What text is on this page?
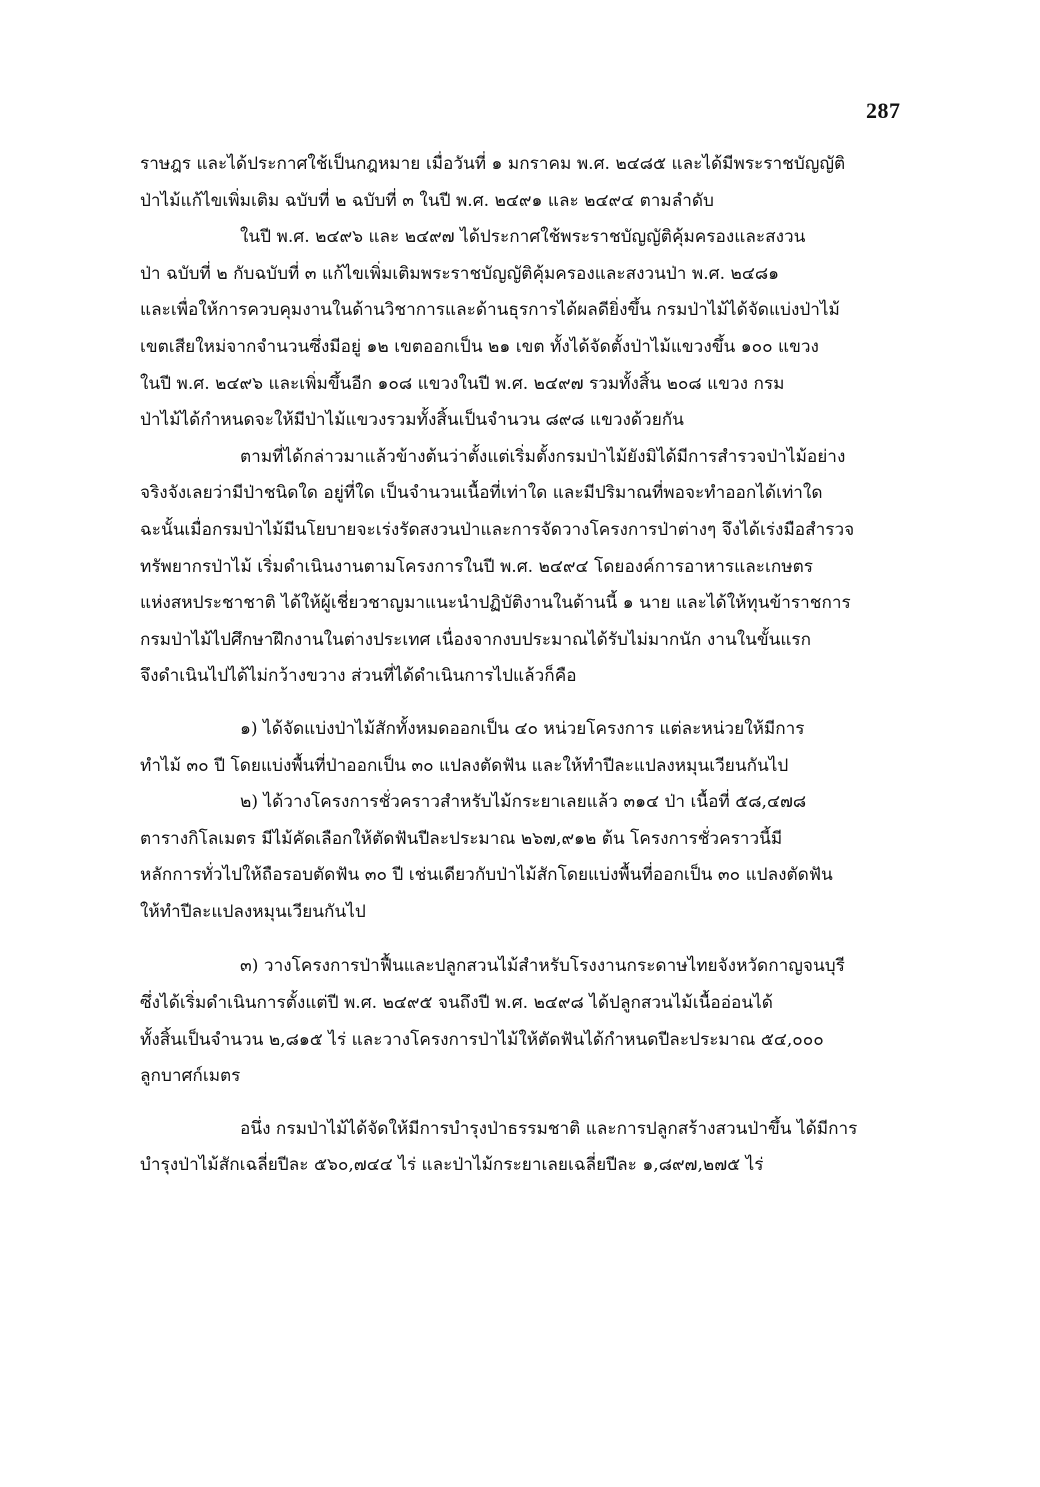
287
ราษฎร และได้ประกาศใช้เป็นกฎหมาย เมื่อวันที่ ๑ มกราคม พ.ศ. ๒๔๘๕ และได้มีพระราชบัญญัติ
ป่าไม้แก้ไขเพิ่มเติม ฉบับที่ ๒ ฉบับที่ ๓ ในปี พ.ศ. ๒๔๙๑ และ ๒๔๙๔ ตามลำดับ
ในปี พ.ศ. ๒๔๙๖ และ ๒๔๙๗ ได้ประกาศใช้พระราชบัญญัติคุ้มครองและสงวน
ป่า ฉบับที่ ๒ กับฉบับที่ ๓ แก้ไขเพิ่มเติมพระราชบัญญัติคุ้มครองและสงวนป่า พ.ศ. ๒๔๘๑
และเพื่อให้การควบคุมงานในด้านวิชาการและด้านธุรการได้ผลดียิ่งขึ้น กรมป่าไม้ได้จัดแบ่งป่าไม้
เขตเสียใหม่จากจำนวนซึ่งมีอยู่ ๑๒ เขตออกเป็น ๒๑ เขต ทั้งได้จัดตั้งป่าไม้แขวงขึ้น ๑๐๐ แขวง
ในปี พ.ศ. ๒๔๙๖ และเพิ่มขึ้นอีก ๑๐๘ แขวงในปี พ.ศ. ๒๔๙๗ รวมทั้งสิ้น ๒๐๘ แขวง กรม
ป่าไม้ได้กำหนดจะให้มีป่าไม้แขวงรวมทั้งสิ้นเป็นจำนวน ๘๙๘ แขวงด้วยกัน
ตามที่ได้กล่าวมาแล้วข้างต้นว่าตั้งแต่เริ่มตั้งกรมป่าไม้ยังมิได้มีการสำรวจป่าไม้อย่าง
จริงจังเลยว่ามีป่าชนิดใด อยู่ที่ใด เป็นจำนวนเนื้อที่เท่าใด และมีปริมาณที่พอจะทำออกได้เท่าใด
ฉะนั้นเมื่อกรมป่าไม้มีนโยบายจะเร่งรัดสงวนป่าและการจัดวางโครงการป่าต่างๆ จึงได้เร่งมือสำรวจ
ทรัพยากรป่าไม้ เริ่มดำเนินงานตามโครงการในปี พ.ศ. ๒๔๙๔ โดยองค์การอาหารและเกษตร
แห่งสหประชาชาติ ได้ให้ผู้เชี่ยวชาญมาแนะนำปฏิบัติงานในด้านนี้ ๑ นาย และได้ให้ทุนข้าราชการ
กรมป่าไม้ไปศึกษาฝึกงานในต่างประเทศ เนื่องจากงบประมาณได้รับไม่มากนัก งานในขั้นแรก
จึงดำเนินไปได้ไม่กว้างขวาง ส่วนที่ได้ดำเนินการไปแล้วก็คือ
๑) ได้จัดแบ่งป่าไม้สักทั้งหมดออกเป็น ๔๐ หน่วยโครงการ แต่ละหน่วยให้มีการ
ทำไม้ ๓๐ ปี โดยแบ่งพื้นที่ป่าออกเป็น ๓๐ แปลงตัดฟัน และให้ทำปีละแปลงหมุนเวียนกันไป
๒) ได้วางโครงการชั่วคราวสำหรับไม้กระยาเลยแล้ว ๓๑๔ ป่า เนื้อที่ ๕๘,๔๗๘
ตารางกิโลเมตร มีไม้คัดเลือกให้ตัดฟันปีละประมาณ ๒๖๗,๙๑๒ ต้น โครงการชั่วคราวนี้มี
หลักการทั่วไปให้ถือรอบตัดฟัน ๓๐ ปี เช่นเดียวกับป่าไม้สักโดยแบ่งพื้นที่ออกเป็น ๓๐ แปลงตัดฟัน
ให้ทำปีละแปลงหมุนเวียนกันไป
๓) วางโครงการป่าฟื้นและปลูกสวนไม้สำหรับโรงงานกระดาษไทยจังหวัดกาญจนบุรี
ซึ่งได้เริ่มดำเนินการตั้งแต่ปี พ.ศ. ๒๔๙๕ จนถึงปี พ.ศ. ๒๔๙๘ ได้ปลูกสวนไม้เนื้ออ่อนได้
ทั้งสิ้นเป็นจำนวน ๒,๘๑๕ ไร่ และวางโครงการป่าไม้ให้ตัดฟันได้กำหนดปีละประมาณ ๕๔,๐๐๐
ลูกบาศก์เมตร
อนึ่ง กรมป่าไม้ได้จัดให้มีการบำรุงป่าธรรมชาติ และการปลูกสร้างสวนป่าขึ้น ได้มีการ
บำรุงป่าไม้สักเฉลี่ยปีละ ๕๖๐,๗๔๔ ไร่ และป่าไม้กระยาเลยเฉลี่ยปีละ ๑,๘๙๗,๒๗๕ ไร่
